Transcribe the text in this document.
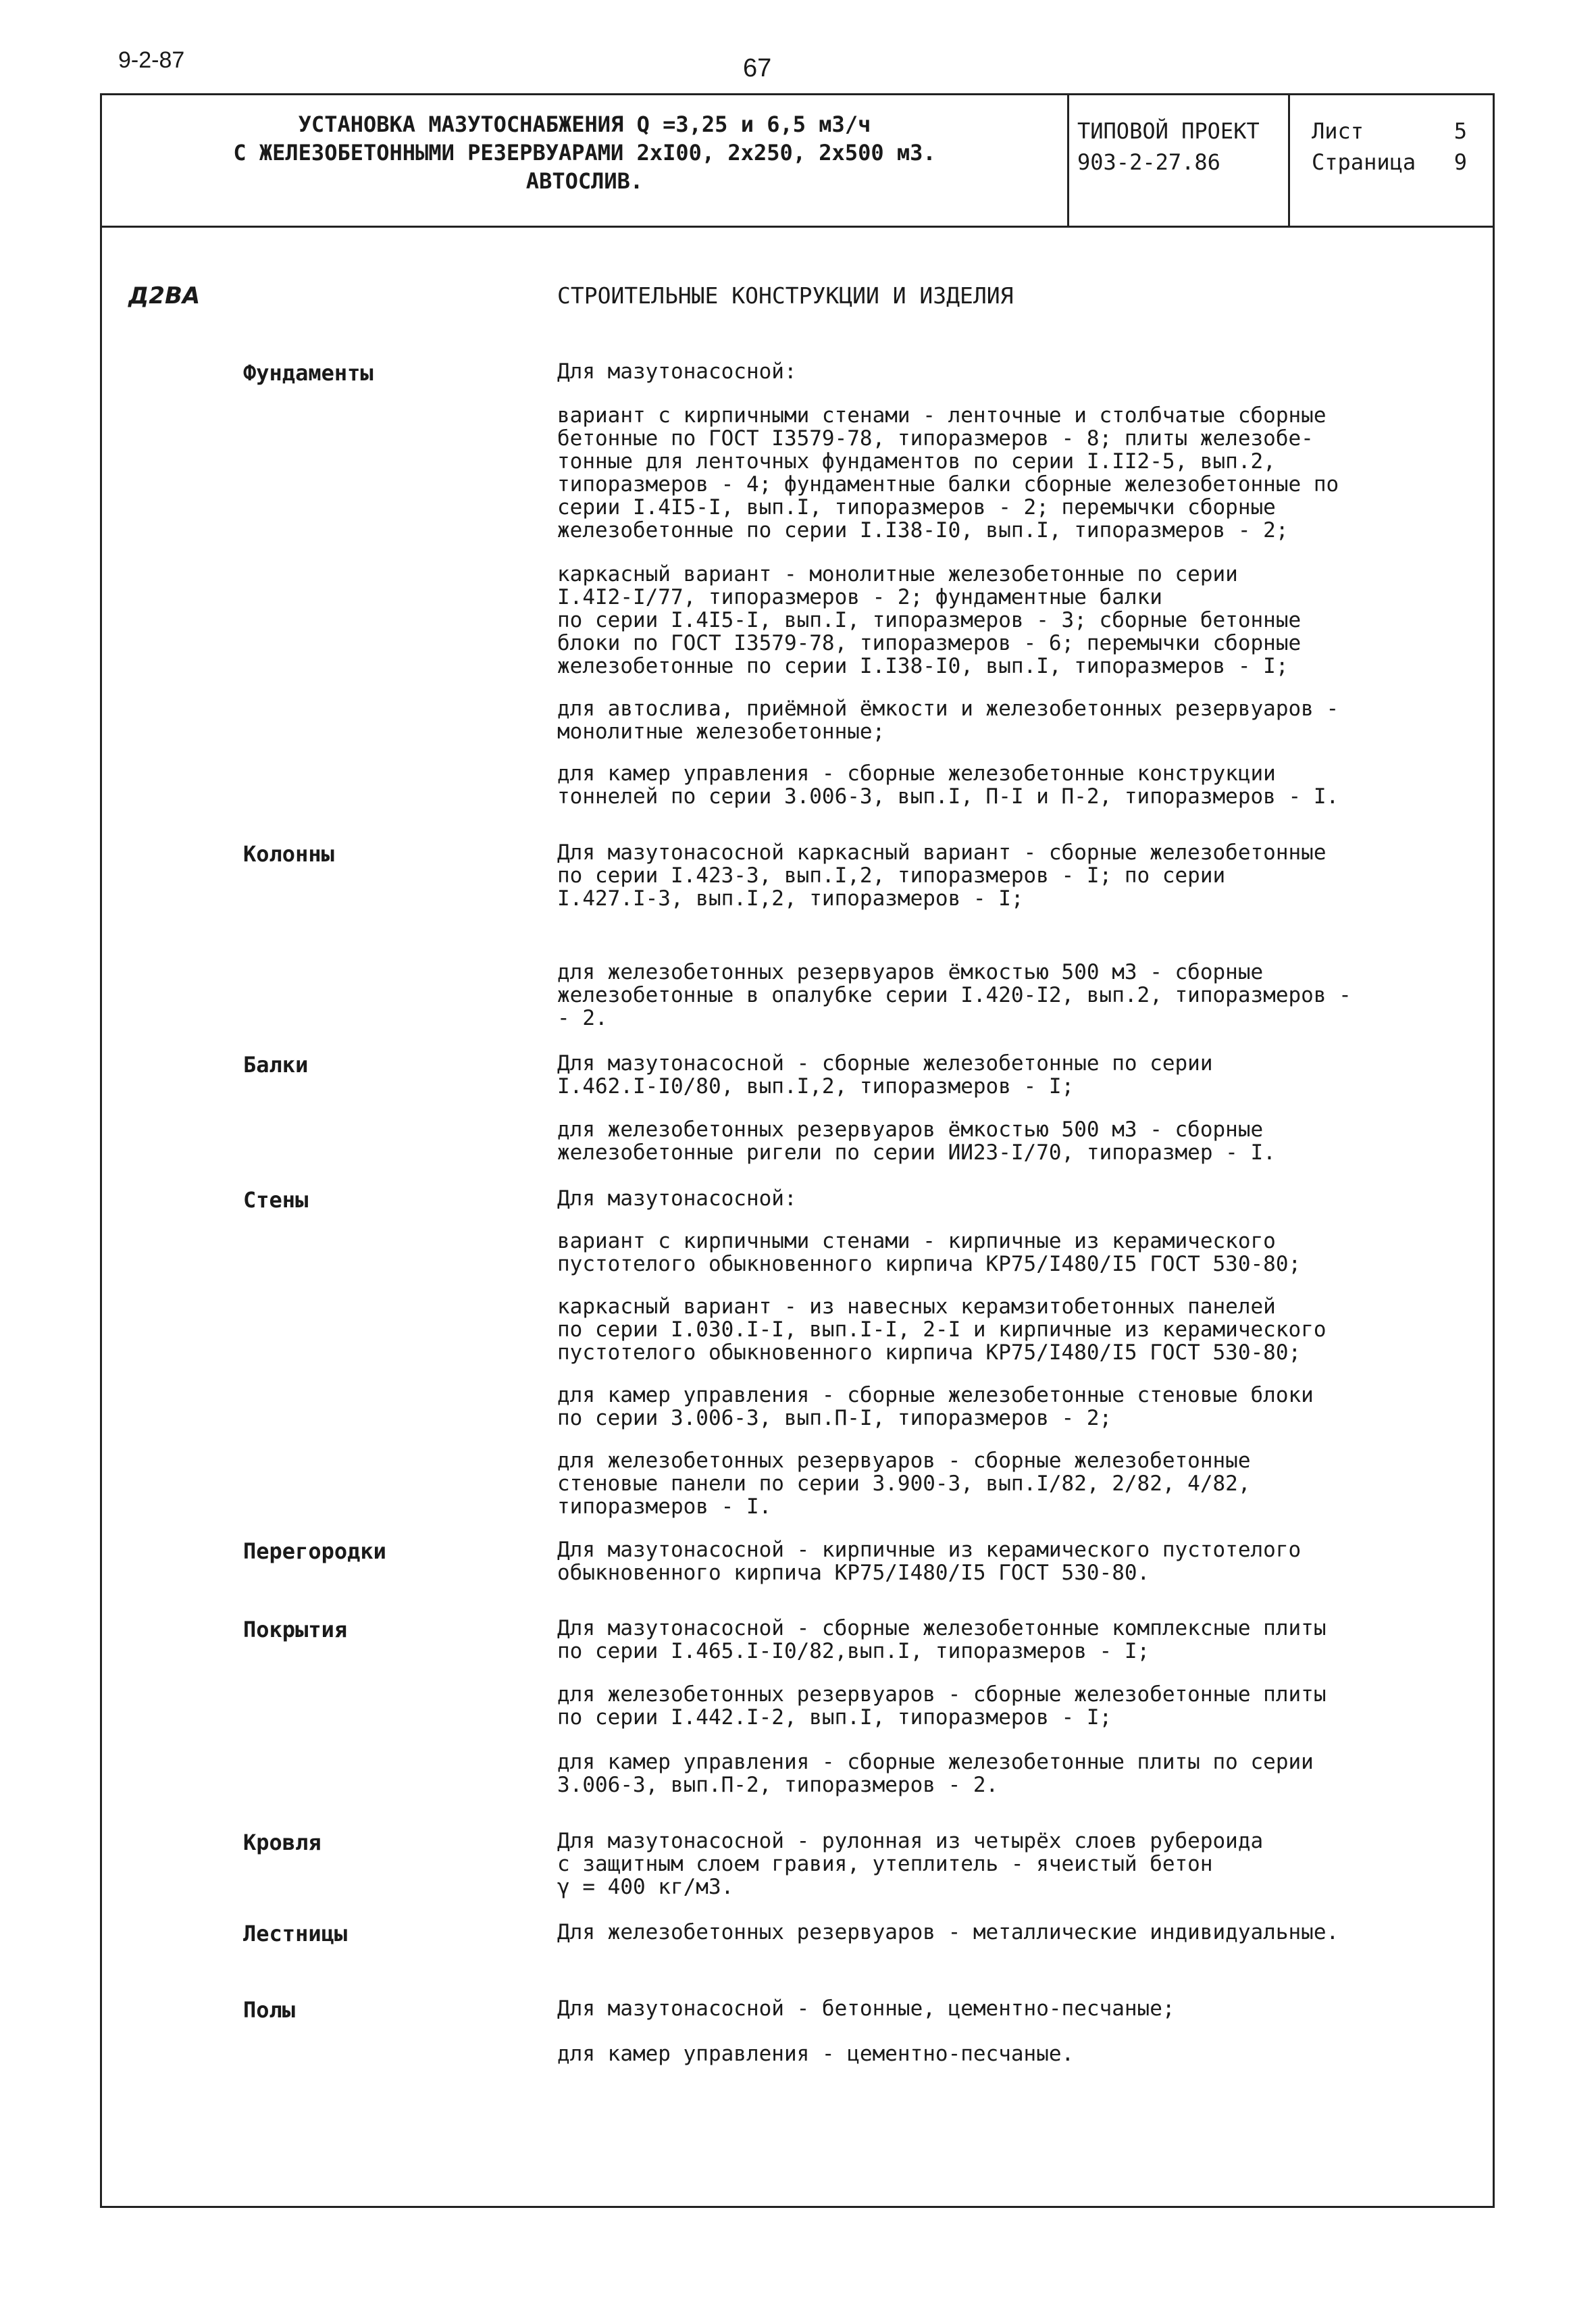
9-2-87	67
УСТАНОВКА МАЗУТОСНАБЖЕНИЯ Q =3,25 и 6,5 м3/ч
С ЖЕЛЕЗОБЕТОННЫМИ РЕЗЕРВУАРАМИ 2хI00, 2х250, 2х500 м3.
АВТОСЛИВ.
ТИПОВОЙ ПРОЕКТ
903-2-27.86
Лист	5
Страница 9
Д2ВА	СТРОИТЕЛЬНЫЕ КОНСТРУКЦИИ И ИЗДЕЛИЯ
Фундаменты	Для мазутонасосной:
вариант с кирпичными стенами - ленточные и столбчатые сборные
бетонные по ГОСТ I3579-78, типоразмеров - 8; плиты железобе-
тонные для ленточных фундаментов по серии I.II2-5, вып.2,
типоразмеров - 4; фундаментные балки сборные железобетонные по
серии I.4I5-I, вып.I, типоразмеров - 2; перемычки сборные
железобетонные по серии I.I38-I0, вып.I, типоразмеров - 2;
каркасный вариант - монолитные железобетонные по серии
I.4I2-I/77, типоразмеров - 2; фундаментные балки
по серии I.4I5-I, вып.I, типоразмеров - 3; сборные бетонные
блоки по ГОСТ I3579-78, типоразмеров - 6; перемычки сборные
железобетонные по серии I.I38-I0, вып.I, типоразмеров - I;
для автослива, приёмной ёмкости и железобетонных резервуаров -
монолитные железобетонные;
для камер управления - сборные железобетонные конструкции
тоннелей по серии 3.006-3, вып.I, П-I и П-2, типоразмеров - I.
Колонны	Для мазутонасосной каркасный вариант - сборные железобетонные
по серии I.423-3, вып.I,2, типоразмеров - I; по серии
I.427.I-3, вып.I,2, типоразмеров - I;
для железобетонных резервуаров ёмкостью 500 м3 - сборные
железобетонные в опалубке серии I.420-I2, вып.2, типоразмеров -
- 2.
Балки	Для мазутонасосной - сборные железобетонные по серии
I.462.I-I0/80, вып.I,2, типоразмеров - I;
для железобетонных резервуаров ёмкостью 500 м3 - сборные
железобетонные ригели по серии ИИ23-I/70, типоразмер - I.
Стены	Для мазутонасосной:
вариант с кирпичными стенами - кирпичные из керамического
пустотелого обыкновенного кирпича КР75/I480/I5 ГОСТ 530-80;
каркасный вариант - из навесных керамзитобетонных панелей
по серии I.030.I-I, вып.I-I, 2-I и кирпичные из керамического
пустотелого обыкновенного кирпича КР75/I480/I5 ГОСТ 530-80;
для камер управления - сборные железобетонные стеновые блоки
по серии 3.006-3, вып.П-I, типоразмеров - 2;
для железобетонных резервуаров - сборные железобетонные
стеновые панели по серии 3.900-3, вып.I/82, 2/82, 4/82,
типоразмеров - I.
Перегородки	Для мазутонасосной - кирпичные из керамического пустотелого
обыкновенного кирпича КР75/I480/I5 ГОСТ 530-80.
Покрытия	Для мазутонасосной - сборные железобетонные комплексные плиты
по серии I.465.I-I0/82,вып.I, типоразмеров - I;
для железобетонных резервуаров - сборные железобетонные плиты
по серии I.442.I-2, вып.I, типоразмеров - I;
для камер управления - сборные железобетонные плиты по серии
3.006-3, вып.П-2, типоразмеров - 2.
Кровля	Для мазутонасосной - рулонная из четырёх слоев рубероида
с защитным слоем гравия, утеплитель - ячеистый бетон
γ = 400 кг/м3.
Лестницы	Для железобетонных резервуаров - металлические индивидуальные.
Полы	Для мазутонасосной - бетонные, цементно-песчаные;
для камер управления - цементно-песчаные.
